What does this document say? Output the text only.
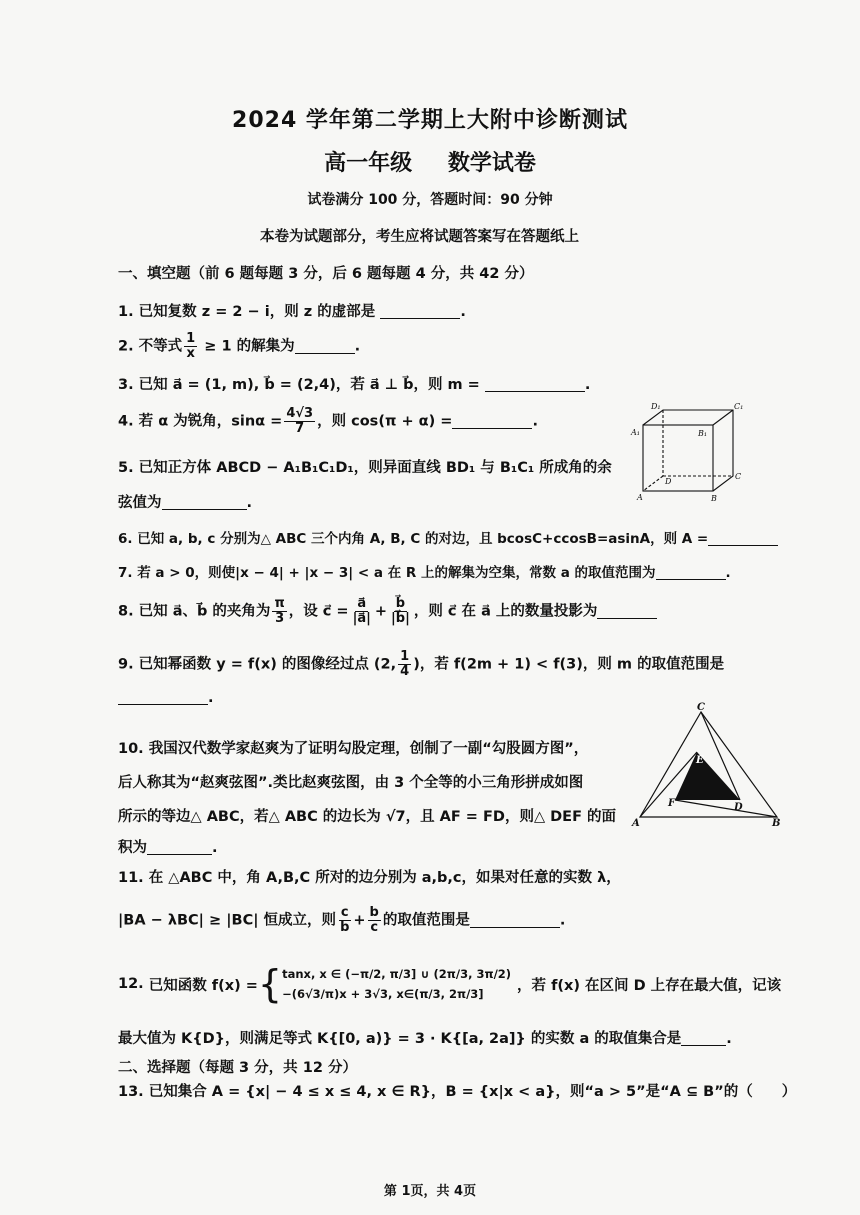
2024 学年第二学期上大附中诊断测试
高一年级 数学试卷
试卷满分 100 分，答题时间：90 分钟
本卷为试题部分，考生应将试题答案写在答题纸上
一、填空题（前 6 题每题 3 分，后 6 题每题 4 分，共 42 分）
1. 已知复数 z = 2 − i，则 z 的虚部是	.
2. 不等式 $\frac{1}{x} \ge 1$ 的解集为	.
3. 已知 a⃗ = (1, m), b⃗ = (2,4)，若 a⃗ ⊥ b⃗，则 m =	.
4. 若 α 为锐角，$\sin\alpha = \frac{4√3}{7}$ ，则 cos(π + α) =	.
D₁	C₁
A₁	B₁
D
C
B
A
5. 已知正方体 ABCD − A₁B₁C₁D₁，则异面直线 BD₁ 与 B₁C₁ 所成角的余
弦值为	.
6. 已知 a, b, c 分别为△ ABC 三个内角 A, B, C 的对边，且 bcosC+ccosB=asinA，则 A =
7. 若 a > 0，则使|x − 4| + |x − 3| < a 在 R 上的解集为空集，常数 a 的取值范围为	.
8. 已知 a⃗、b⃗ 的夹角为 $\frac{\pi}{3}$ ，设 c⃗ = $\frac{a⃗}{|a⃗|} + \frac{b⃗}{|b⃗|}$ ，则 c⃗ 在 a⃗ 上的数量投影为
9. 已知幂函数 y = f(x) 的图像经过点 (2, $\frac{1}{4}$ )，若 f(2m + 1) < f(3)，则 m 的取值范围是
.
10. 我国汉代数学家赵爽为了证明勾股定理，创制了一副“勾股圆方图”，
后人称其为“赵爽弦图”.类比赵爽弦图，由 3 个全等的小三角形拼成如图
所示的等边△ ABC，若△ ABC 的边长为 √7，且 AF = FD，则△ DEF 的面
积为	.
C
E
F	D
A	B
11. 在 △ABC 中，角 A,B,C 所对的边分别为 a,b,c，如果对任意的实数 λ，
|BA − λBC| ≥ |BC| 恒成立，则 $\frac{c}{b} + \frac{b}{c}$ 的取值范围是	.
12.
已知函数 f(x) = { tanx, x ∈ (−π/2, π/3] ∪ (2π/3, 3π/2)
−(6√3/π)x + 3√3, x∈(π/3, 2π/3]
，若 f(x) 在区间 D 上存在最大值，记该
最大值为 K{D}，则满足等式 K{[0, a)} = 3 · K{[a, 2a]} 的实数 a 的取值集合是	.
二、选择题（每题 3 分，共 12 分）
13. 已知集合 A = {x| − 4 ≤ x ≤ 4, x ∈ R}，B = {x|x < a}，则“a > 5”是“A ⊆ B”的（　　）
第 1页，共 4页
